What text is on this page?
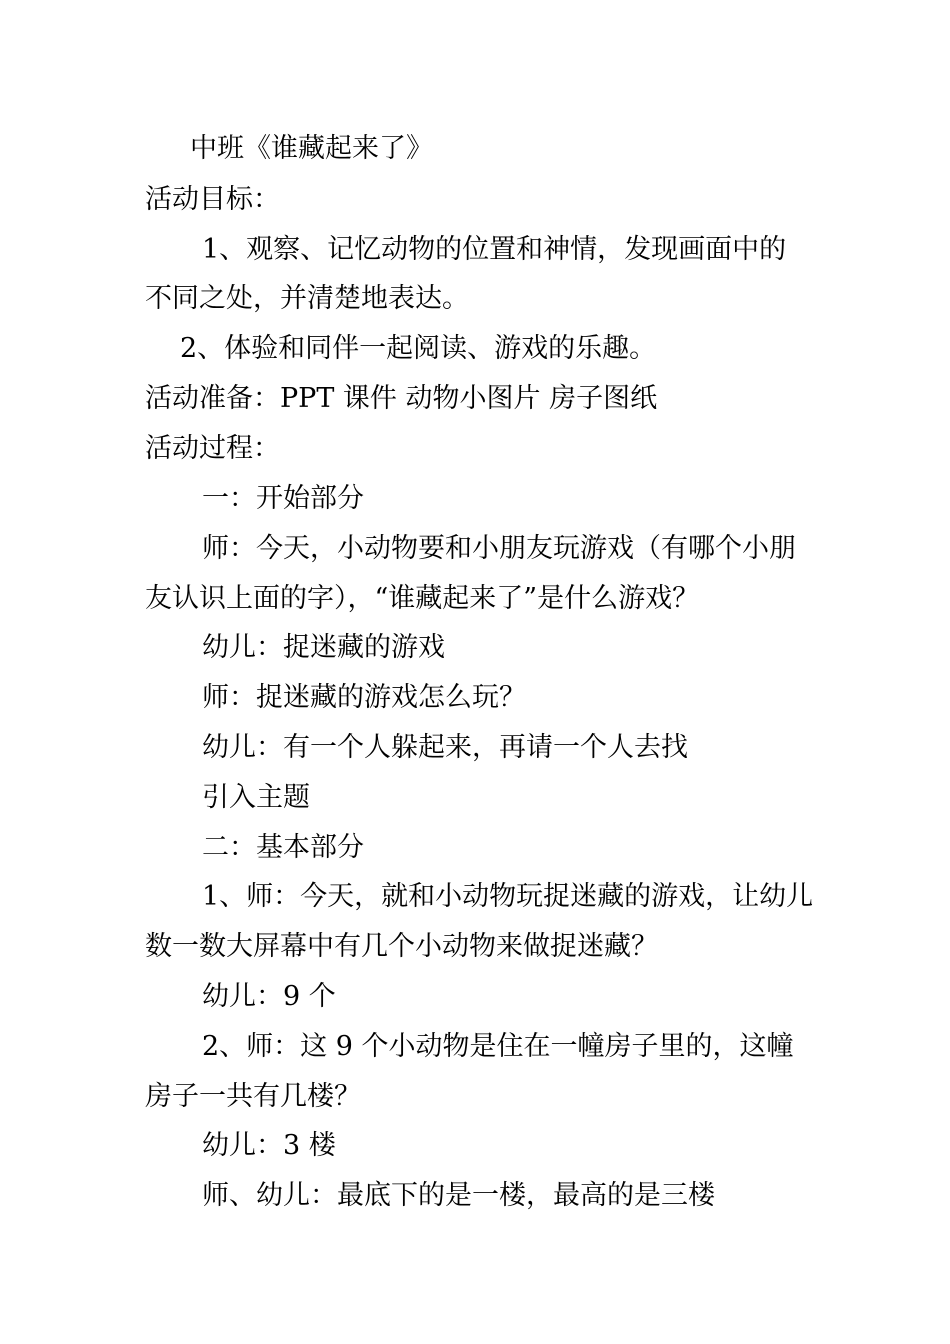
中班《谁藏起来了》
活动目标：
1、观察、记忆动物的位置和神情，发现画面中的
不同之处，并清楚地表达。
2、体验和同伴一起阅读、游戏的乐趣。
活动准备：PPT 课件 动物小图片 房子图纸
活动过程：
一：开始部分
师：今天，小动物要和小朋友玩游戏（有哪个小朋
友认识上面的字），“谁藏起来了”是什么游戏？
幼儿：捉迷藏的游戏
师：捉迷藏的游戏怎么玩？
幼儿：有一个人躲起来，再请一个人去找
引入主题
二：基本部分
1、师：今天，就和小动物玩捉迷藏的游戏，让幼儿
数一数大屏幕中有几个小动物来做捉迷藏？
幼儿：9 个
2、师：这 9 个小动物是住在一幢房子里的，这幢
房子一共有几楼？
幼儿：3 楼
师、幼儿：最底下的是一楼，最高的是三楼
